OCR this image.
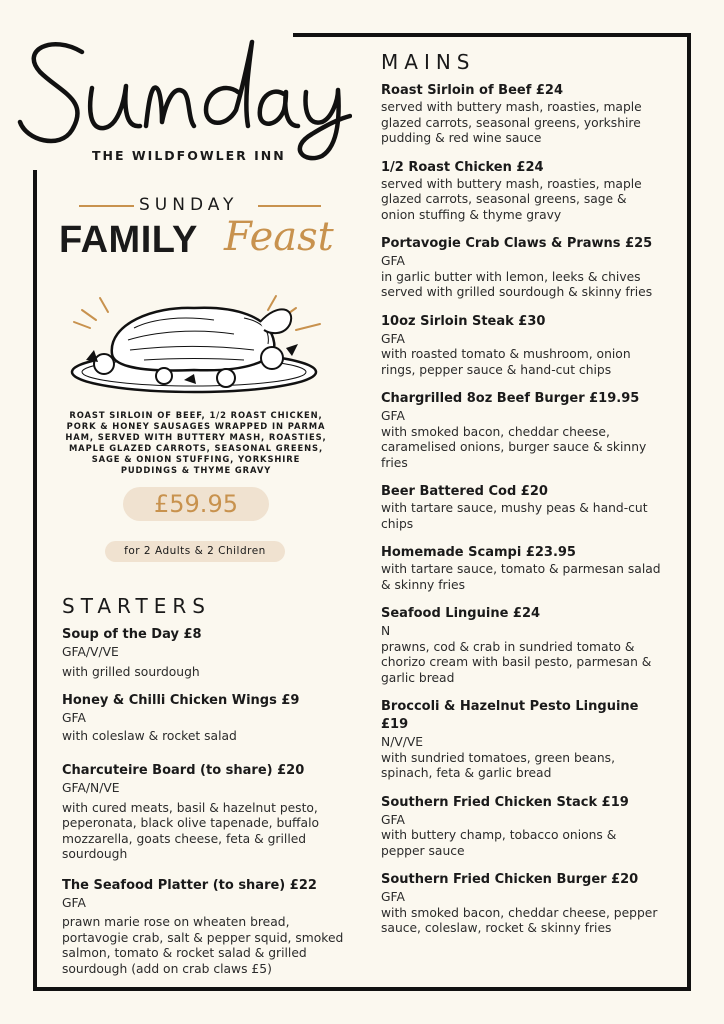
THE WILDFOWLER INN
SUNDAY
FAMILY Feast
ROAST SIRLOIN OF BEEF, 1/2 ROAST CHICKEN, PORK & HONEY SAUSAGES WRAPPED IN PARMA HAM, SERVED WITH BUTTERY MASH, ROASTIES, MAPLE GLAZED CARROTS, SEASONAL GREENS, SAGE & ONION STUFFING, YORKSHIRE PUDDINGS & THYME GRAVY
£59.95
for 2 Adults & 2 Children
STARTERS
Soup of the Day £8
GFA/V/VE
with grilled sourdough
Honey & Chilli Chicken Wings £9
GFA
with coleslaw & rocket salad
Charcuteire Board (to share) £20
GFA/N/VE
with cured meats, basil & hazelnut pesto, peperonata, black olive tapenade, buffalo mozzarella, goats cheese, feta & grilled sourdough
The Seafood Platter (to share) £22
GFA
prawn marie rose on wheaten bread, portavogie crab, salt & pepper squid, smoked salmon, tomato & rocket salad & grilled sourdough (add on crab claws £5)
MAINS
Roast Sirloin of Beef £24
served with buttery mash, roasties, maple glazed carrots, seasonal greens, yorkshire pudding & red wine sauce
1/2 Roast Chicken £24
served with buttery mash, roasties, maple glazed carrots, seasonal greens, sage & onion stuffing & thyme gravy
Portavogie Crab Claws & Prawns £25
GFA
in garlic butter with lemon, leeks & chives served with grilled sourdough & skinny fries
10oz Sirloin Steak £30
GFA
with roasted tomato & mushroom, onion rings, pepper sauce & hand-cut chips
Chargrilled 8oz Beef Burger £19.95
GFA
with smoked bacon, cheddar cheese, caramelised onions, burger sauce & skinny fries
Beer Battered Cod £20
with tartare sauce, mushy peas & hand-cut chips
Homemade Scampi £23.95
with tartare sauce, tomato & parmesan salad & skinny fries
Seafood Linguine £24
N
prawns, cod & crab in sundried tomato & chorizo cream with basil pesto, parmesan & garlic bread
Broccoli & Hazelnut Pesto Linguine £19
N/V/VE
with sundried tomatoes, green beans, spinach, feta & garlic bread
Southern Fried Chicken Stack £19
GFA
with buttery champ, tobacco onions & pepper sauce
Southern Fried Chicken Burger £20
GFA
with smoked bacon, cheddar cheese, pepper sauce, coleslaw, rocket & skinny fries
